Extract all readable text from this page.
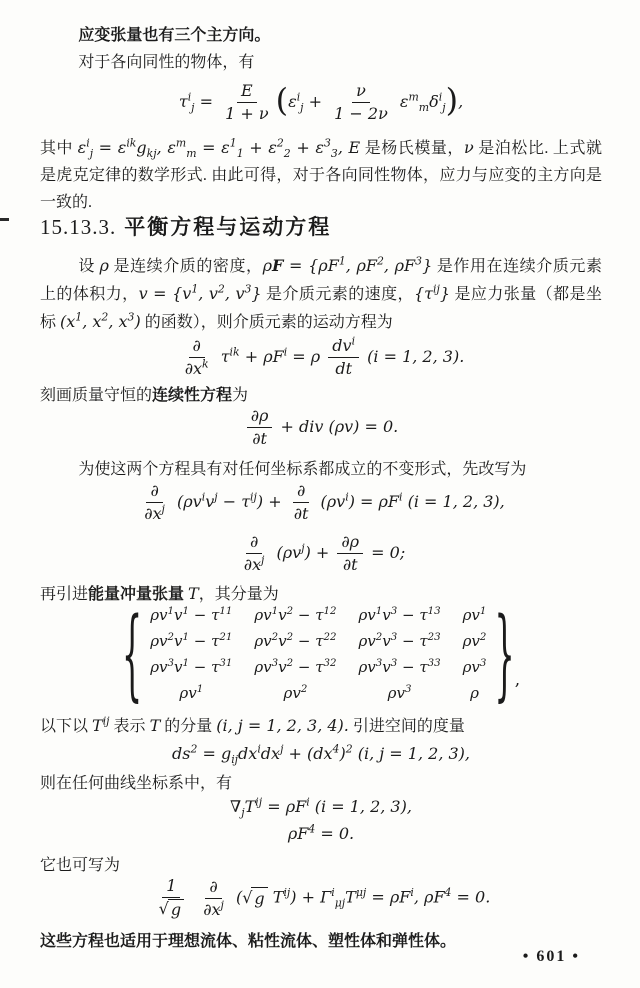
应变张量也有三个主方向。
对于各向同性的物体，有
$\tau^i_j = \frac{E}{1 + \nu} (\varepsilon^i_j + \frac{\nu}{1 - 2\nu} \varepsilon^m_m\delta^i_j)$,
其中 $\varepsilon^i_j = \varepsilon^{ik}g_{kj}$, $\varepsilon^m_m = \varepsilon^1_1 + \varepsilon^2_2 + \varepsilon^3_3$, E 是杨氏模量，ν 是泊松比. 上式就是虎克定律的数学形式. 由此可得，对于各向同性物体，应力与应变的主方向是一致的.
15.13.3. 平衡方程与运动方程
设 ρ 是连续介质的密度，$\rho F = \{\rho F^1$, $\rho F^2$, $\rho F^3$} 是作用在连续介质元素上的体积力，$v = \{v^1$, $v^2$, $v^3$} 是介质元素的速度，$\{\tau^{ij}\}$ 是应力张量（都是坐标 ($x^1$, $x^2$, $x^3$) 的函数），则介质元素的运动方程为
$\frac{\partial}{\partial x^k} \tau^{ik} + \rho F^i = \rho \frac{dv^i}{dt} (i = 1$, 2, 3).
刻画质量守恒的连续性方程为
$\frac{\partial\rho}{\partial t}$ + div (ρv) = 0.
为使这两个方程具有对任何坐标系都成立的不变形式，先改写为
$\frac{\partial}{\partial x^j} (\rho v^iv^j - \tau^{ij}) + \frac{\partial}{\partial t} (\rho v^i) = \rho F^i$ (i = 1, 2, 3),
$\frac{\partial}{\partial x^j} (\rho v^j) + \frac{\partial\rho}{\partial t} = 0$;
再引进能量冲量张量 T，其分量为
{ $\rho v^1v^1 - \tau^{11}$ $\rho v^1v^2 - \tau^{12}$ $\rho v^1v^3 - \tau^{13}$ $\rho v^1$
$\rho v^2v^1 - \tau^{21}$ $\rho v^2v^2 - \tau^{22}$ $\rho v^2v^3 - \tau^{23}$ $\rho v^2$
$\rho v^3v^1 - \tau^{31}$ $\rho v^3v^2 - \tau^{32}$ $\rho v^3v^3 - \tau^{33}$ $\rho v^3$
$\rho v^1$	$\rho v^2$	$\rho v^3$	ρ } ,
以下以 $T^{ij}$ 表示 T 的分量 (i, j = 1, 2, 3, 4). 引进空间的度量
$ds^2 = g_{ij}dx^idx^j + (dx^4)^2$ (i, j = 1, 2, 3),
则在任何曲线坐标系中，有
$\nabla_jT^{ij} = \rho F^i$ (i = 1, 2, 3),
$\rho F^4 = 0$.
它也可写为
$\frac{1}{√ g}$
$\frac{\partial}{\partial x^j}$ ( √ g $T^{ij}) + \Gamma^i_{\mu j}T^{\mu j} = \rho F^i$, $\rho F^4 = 0$.
这些方程也适用于理想流体、粘性流体、塑性体和弹性体。
• 601 •
